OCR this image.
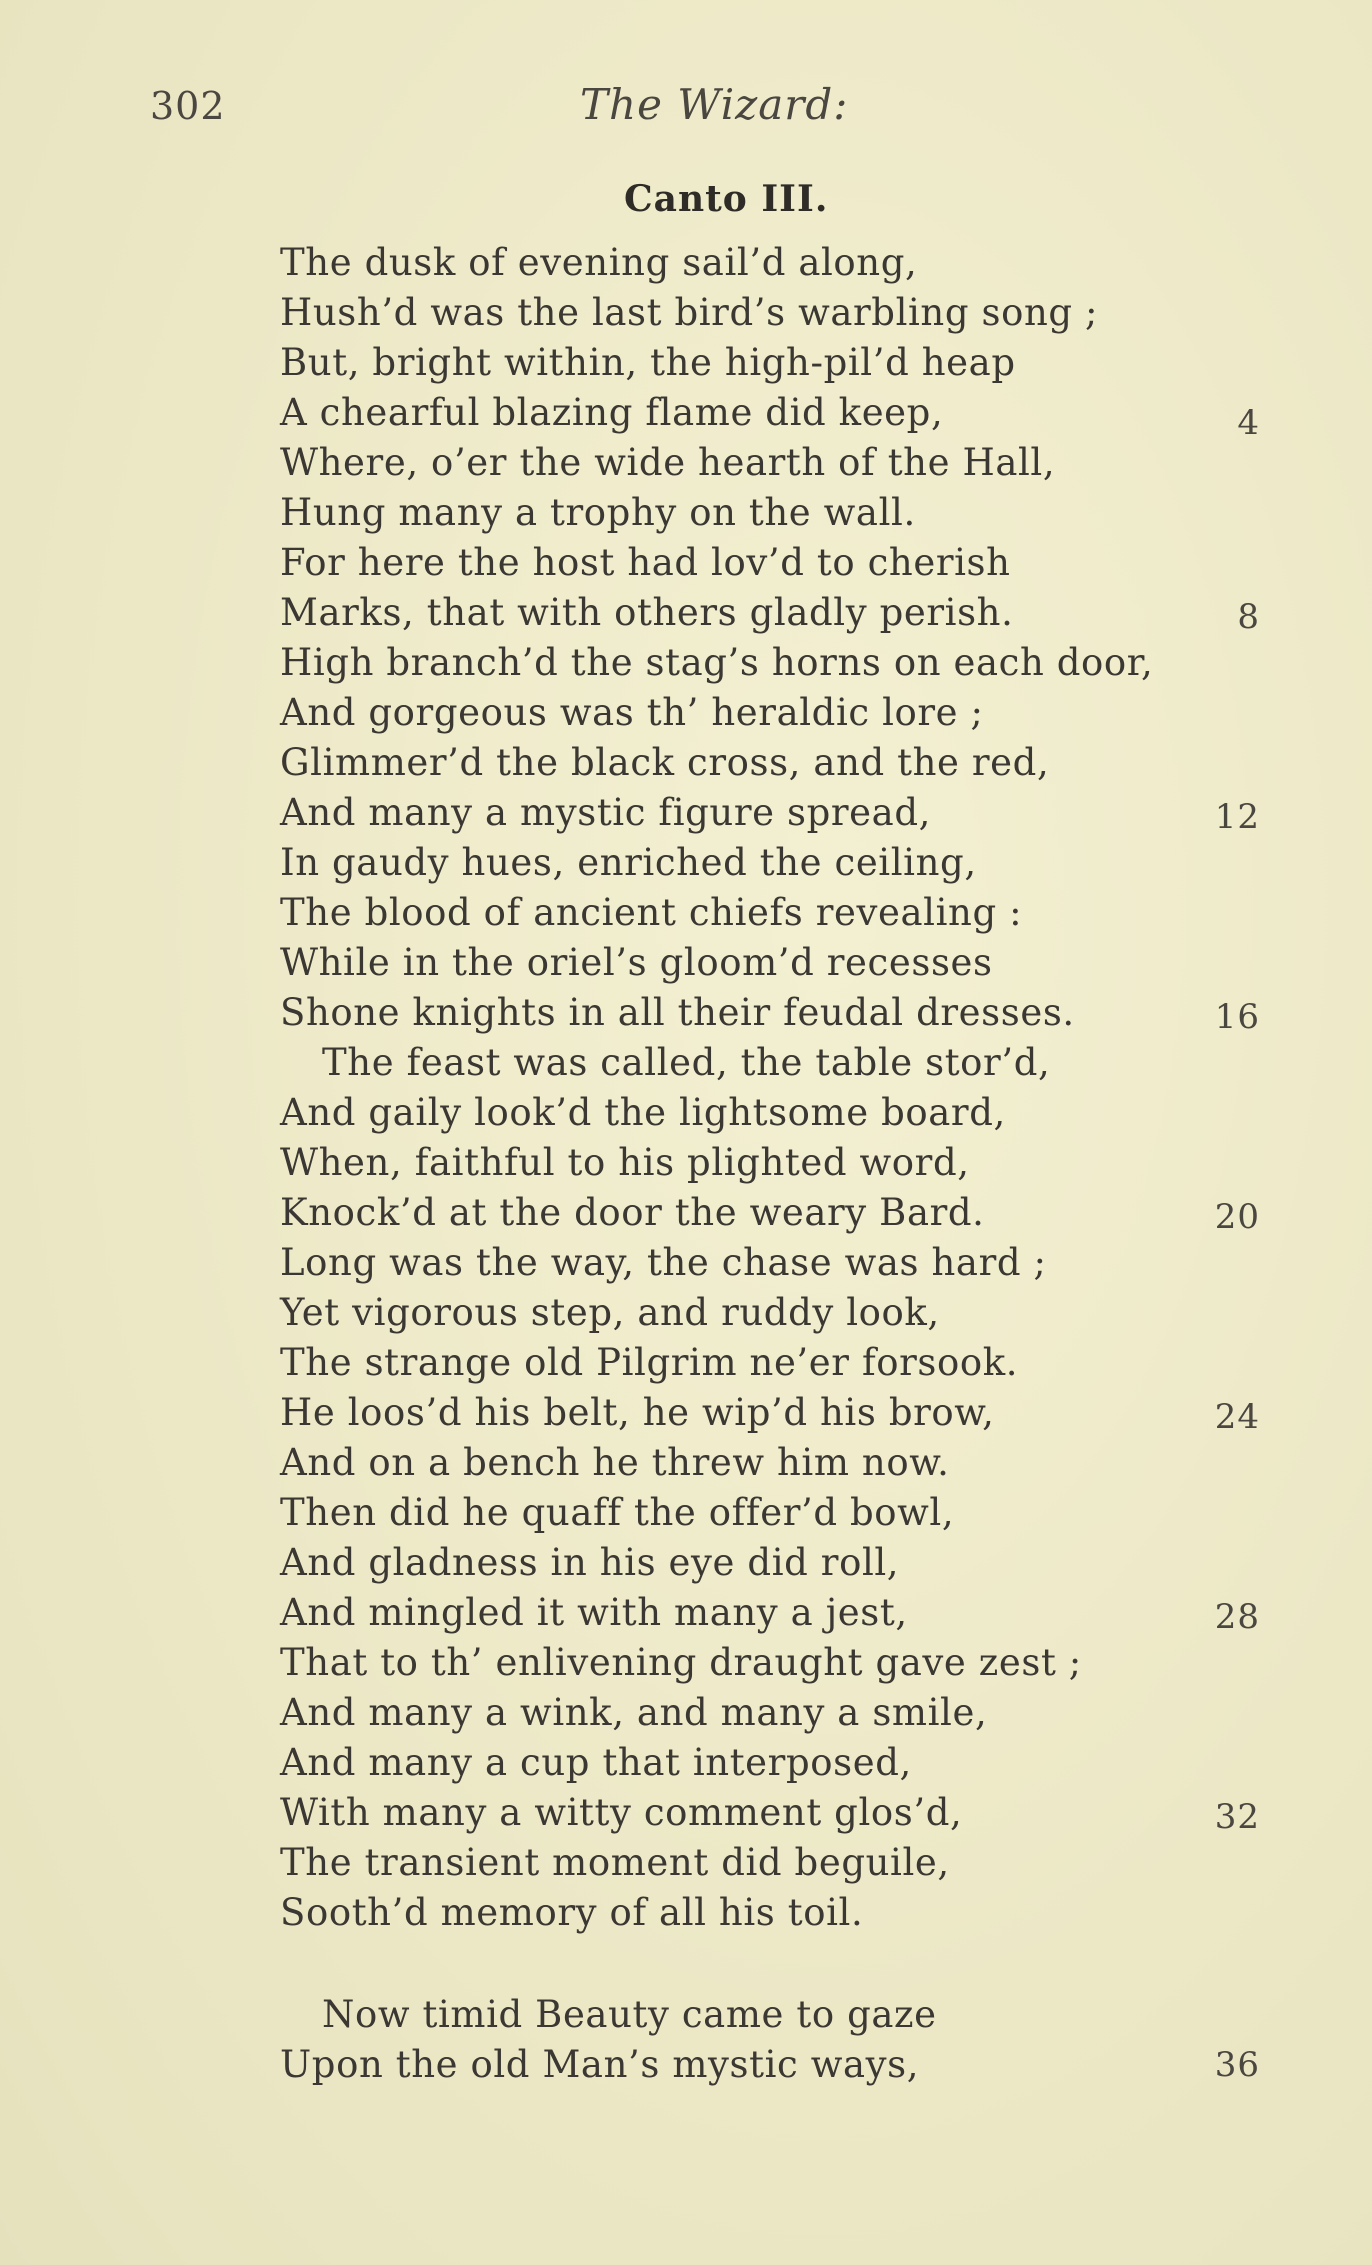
302	The Wizard:
Canto III.
The dusk of evening sail’d along,
Hush’d was the last bird’s warbling song ;
But, bright within, the high-pil’d heap
A chearful blazing flame did keep,
Where, o’er the wide hearth of the Hall,
Hung many a trophy on the wall.
For here the host had lov’d to cherish
Marks, that with others gladly perish.
High branch’d the stag’s horns on each door,
And gorgeous was th’ heraldic lore ;
Glimmer’d the black cross, and the red,
And many a mystic figure spread,
In gaudy hues, enriched the ceiling,
The blood of ancient chiefs revealing :
While in the oriel’s gloom’d recesses
Shone knights in all their feudal dresses.
The feast was called, the table stor’d,
And gaily look’d the lightsome board,
When, faithful to his plighted word,
Knock’d at the door the weary Bard.
Long was the way, the chase was hard ;
Yet vigorous step, and ruddy look,
The strange old Pilgrim ne’er forsook.
He loos’d his belt, he wip’d his brow,
And on a bench he threw him now.
Then did he quaff the offer’d bowl,
And gladness in his eye did roll,
And mingled it with many a jest,
That to th’ enlivening draught gave zest ;
And many a wink, and many a smile,
And many a cup that interposed,
With many a witty comment glos’d,
The transient moment did beguile,
Sooth’d memory of all his toil.
Now timid Beauty came to gaze
Upon the old Man’s mystic ways,
4
8
12
16
20
24
28
32
36
